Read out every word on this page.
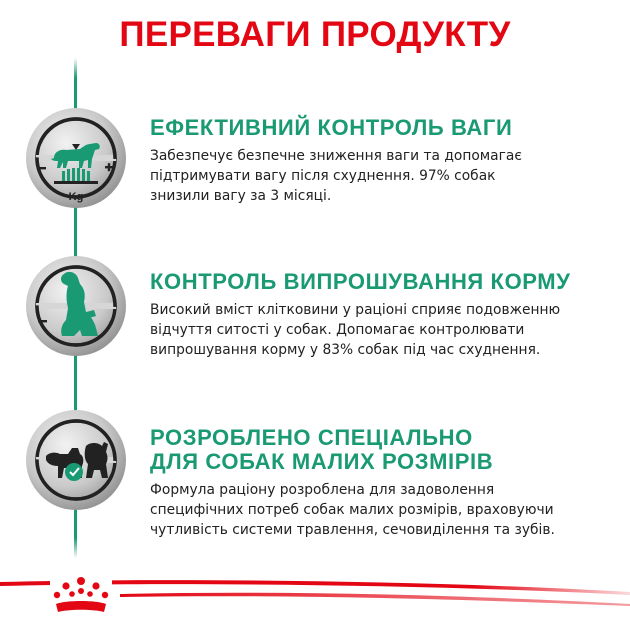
ПЕРЕВАГИ ПРОДУКТУ
Kg
ЕФЕКТИВНИЙ КОНТРОЛЬ ВАГИ

Забезпечує безпечне зниження ваги та допомагає
підтримувати вагу після схуднення. 97% собак
знизили вагу за 3 місяці.

КОНТРОЛЬ ВИПРОШУВАННЯ КОРМУ

Високий вміст клітковини у раціоні сприяє подовженню
відчуття ситості у собак. Допомагає контролювати
випрошування корму у 83% собак під час схуднення.

РОЗРОБЛЕНО СПЕЦІАЛЬНО
ДЛЯ СОБАК МАЛИХ РОЗМІРІВ

Формула раціону розроблена для задоволення
специфічних потреб собак малих розмірів, враховуючи
чутливість системи травлення, сечовиділення та зубів.
